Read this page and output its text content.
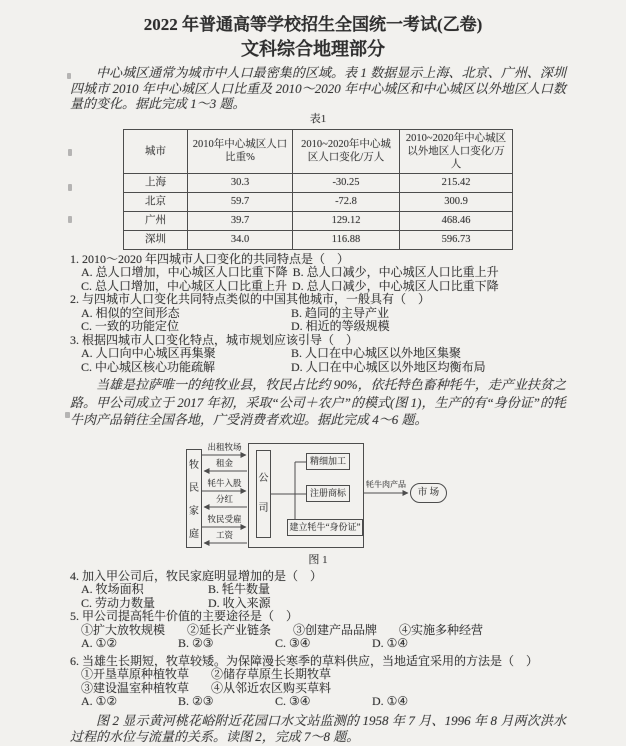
2022 年普通高等学校招生全国统一考试(乙卷)
文科综合地理部分

中心城区通常为城市中人口最密集的区域。表 1 数据显示上海、北京、广州、深圳四城市 2010 年中心城区人口比重及 2010～2020 年中心城区和中心城区以外地区人口数量的变化。据此完成 1～3 题。

表1
城市	2010年中心城区人口比重%	2010~2020年中心城区人口变化/万人	2010~2020年中心城区以外地区人口变化/万人
上海	30.3	-30.25	215.42
北京	59.7	-72.8	300.9
广州	39.7	129.12	468.46
深圳	34.0	116.88	596.73
1. 2010～2020 年四城市人口变化的共同特点是（　）
A. 总人口增加，中心城区人口比重下降 B. 总人口减少，中心城区人口比重上升
C. 总人口增加，中心城区人口比重上升 D. 总人口减少，中心城区人口比重下降
2. 与四城市人口变化共同特点类似的中国其他城市，一般具有（　）
A. 相似的空间形态	B. 趋同的主导产业
C. 一致的功能定位	D. 相近的等级规模
3. 根据四城市人口变化特点，城市规划应该引导（　）
A. 人口向中心城区再集聚	B. 人口在中心城区以外地区集聚
C. 中心城区核心功能疏解	D. 人口在中心城区以外地区均衡布局

当雄是拉萨唯一的纯牧业县，牧民占比约 90%，依托特色畜种牦牛，走产业扶贫之路。甲公司成立于 2017 年初，采取“公司＋农户”的模式(图 1)，生产的有“身份证”的牦牛肉产品销往全国各地，广受消费者欢迎。据此完成 4～6 题。

出租牧场
租金
牦牛入股
分红
牧民受雇
工资
牧民家庭
公司
精细加工
注册商标
建立牦牛“身份证”
牦牛肉产品
市 场
图 1
4. 加入甲公司后，牧民家庭明显增加的是（　）
A. 牧场面积	B. 牦牛数量
C. 劳动力数量	D. 收入来源
5. 甲公司提高牦牛价值的主要途径是（　）
①扩大放牧规模 ②延长产业链条 ③创建产品品牌 ④实施多种经营
A. ①②	B. ②③	C. ③④	D. ①④
6. 当雄生长期短，牧草较矮。为保障漫长寒季的草料供应，当地适宜采用的方法是（　）
①开垦草原种植牧草 ②储存草原生长期牧草
③建设温室种植牧草 ④从邻近农区购买草料
A. ①②	B. ②③	C. ③④	D. ①④

图 2 显示黄河桃花峪附近花园口水文站监测的 1958 年 7 月、1996 年 8 月两次洪水过程的水位与流量的关系。读图 2，完成 7～8 题。
